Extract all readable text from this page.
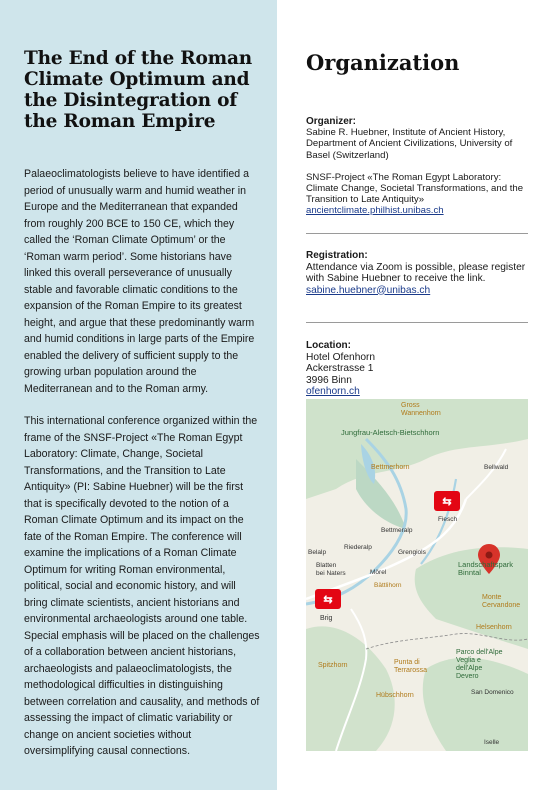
The End of the Roman
Climate Optimum and
the Disintegration of
the Roman Empire

Palaeoclimatologists believe to have identified a period of unusually warm and humid weather in Europe and the Mediterranean that expanded from roughly 200 BCE to 150 CE, which they called the ‘Roman Climate Optimum’ or the ‘Roman warm period’. Some historians have linked this overall perseverance of unusually stable and favorable climatic conditions to the expansion of the Roman Empire to its greatest height, and argue that these predominantly warm and humid conditions in large parts of the Empire enabled the delivery of sufficient supply to the growing urban population around the Mediterranean and to the Roman army.

This international conference organized within the frame of the SNSF-Project «The Roman Egypt Laboratory: Climate, Change, Societal Transformations, and the Transition to Late Antiquity» (PI: Sabine Huebner) will be the first that is specifically devoted to the notion of a Roman Climate Optimum and its impact on the fate of the Roman Empire. The conference will examine the implications of a Roman Climate Optimum for writing Roman environmental, political, social and economic history, and will bring climate scientists, ancient historians and environmental archaeologists around one table. Special emphasis will be placed on the challenges of a collaboration between ancient historians, archaeologists and palaeoclimatologists, the methodological difficulties in distinguishing between correlation and causality, and methods of assessing the impact of climatic variability or change on ancient societies without oversimplifying causal connections.

Organization
Organizer:
Sabine R. Huebner, Institute of Ancient History, Department of Ancient Civilizations, University of Basel (Switzerland)
SNSF-Project «The Roman Egypt Laboratory: Climate Change, Societal Transformations, and the Transition to Late Antiquity»
ancientclimate.philhist.unibas.ch
Registration:
Attendance via Zoom is possible, please register with Sabine Huebner to receive the link.
sabine.huebner@unibas.ch
Location:
Hotel Ofenhorn
Ackerstrasse 1
3996 Binn
ofenhorn.ch
⇆
⇆
Gross Wannenhorn
Jungfrau-Aletsch-Bietschhorn
Bettmerhorn	Bellwald
Fiesch
Bettmeralp
Riederalp
Grengiols
Belalp
Blatten bei Naters	Mörel
Landschaftspark Binntal
Bättlihorn
Brig
Monte Cervandone
Helsenhorn
Spitzhorn	Punta di Terrarossa
Parco dell'Alpe Veglia e dell'Alpe Devero
Hübschhorn	San Domenico
Iselle
